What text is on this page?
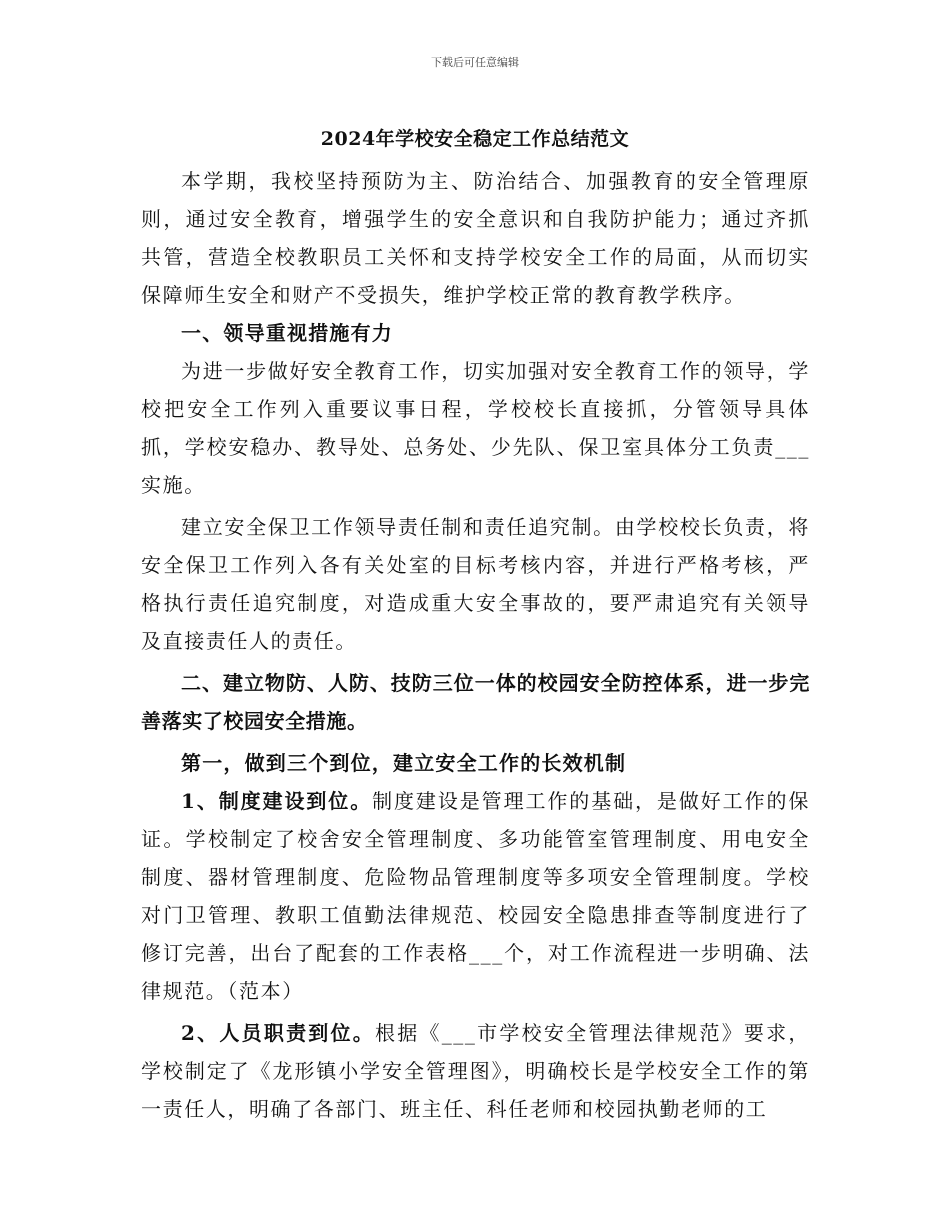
下载后可任意编辑
2024年学校安全稳定工作总结范文

本学期，我校坚持预防为主、防治结合、加强教育的安全管理原则，通过安全教育，增强学生的安全意识和自我防护能力；通过齐抓共管，营造全校教职员工关怀和支持学校安全工作的局面，从而切实保障师生安全和财产不受损失，维护学校正常的教育教学秩序。

一、领导重视措施有力

为进一步做好安全教育工作，切实加强对安全教育工作的领导，学校把安全工作列入重要议事日程，学校校长直接抓，分管领导具体抓，学校安稳办、教导处、总务处、少先队、保卫室具体分工负责___实施。

建立安全保卫工作领导责任制和责任追究制。由学校校长负责，将安全保卫工作列入各有关处室的目标考核内容，并进行严格考核，严格执行责任追究制度，对造成重大安全事故的，要严肃追究有关领导及直接责任人的责任。

二、建立物防、人防、技防三位一体的校园安全防控体系，进一步完善落实了校园安全措施。

第一，做到三个到位，建立安全工作的长效机制

1、制度建设到位。制度建设是管理工作的基础，是做好工作的保证。学校制定了校舍安全管理制度、多功能管室管理制度、用电安全制度、器材管理制度、危险物品管理制度等多项安全管理制度。学校对门卫管理、教职工值勤法律规范、校园安全隐患排查等制度进行了修订完善，出台了配套的工作表格___个，对工作流程进一步明确、法律规范。（范本）

2、人员职责到位。根据《___市学校安全管理法律规范》要求，学校制定了《龙形镇小学安全管理图》，明确校长是学校安全工作的第一责任人，明确了各部门、班主任、科任老师和校园执勤老师的工
